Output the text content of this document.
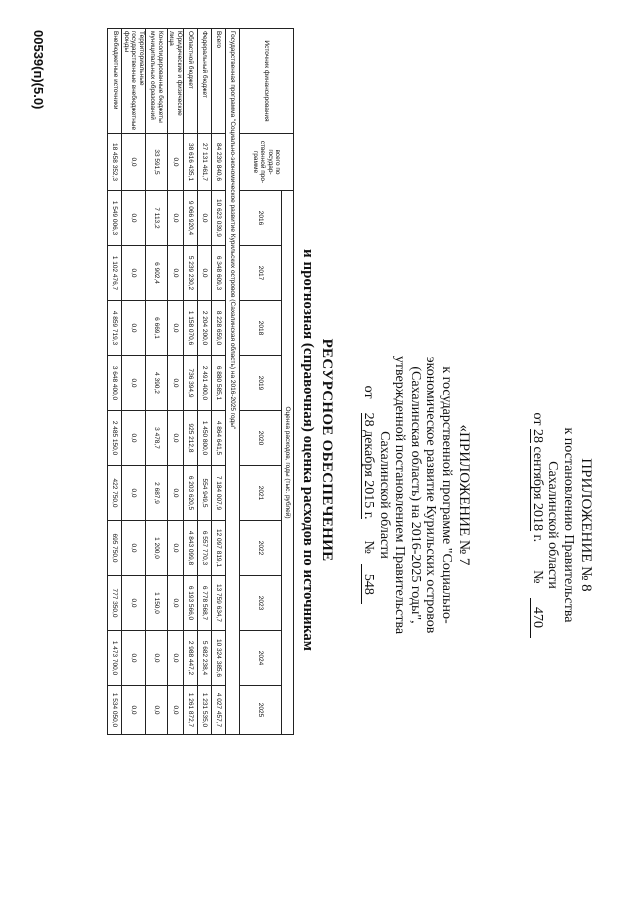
ПРИЛОЖЕНИЕ № 8
к постановлению Правительства
Сахалинской области
от 28 сентября 2018 г.        №    470
«ПРИЛОЖЕНИЕ № 7
к государственной программе "Социально-
экономическое развитие Курильских островов
(Сахалинская область) на 2016-2025 годы",
утвержденной постановлением Правительства
Сахалинской области
от    28 декабря 2015 г.      №   548
РЕСУРСНОЕ ОБЕСПЕЧЕНИЕ
и прогнозная (справочная) оценка расходов по источникам
Источник финансирования	всего по государ-ственной про-грамме	Оценка расходов, годы (тыс. рублей)									
		2016	2017	2018	2019	2020	2021	2022	2023	2024	2025
Государственная программа "Социально-экономическое развитие Курильских островов (Сахалинская область) на 2016-2025 годы"											
Всего	84 239 840,6	10 623 039,9	6 348 609,3	8 228 659,0	6 880 585,1	4 864 641,5	7 184 007,9	12 097 819,1	13 759 634,7	10 324 385,6	4 027 457,7
Федеральный бюджет	27 131 461,7	0,0	0,0	2 204 200,0	2 491 400,0	1 450 800,0	554 949,5	6 557 770,3	6 778 568,7	5 682 238,4	1 231 535,0
Областной бюджет	38 616 435,1	9 066 920,4	5 239 230,2	1 158 070,6	736 394,9	925 212,8	6 203 620,5	4 843 099,8	6 193 566,0	2 988 447,2	1 261 872,7
Юридические и физические лица	0,0	0,0	0,0	0,0	0,0	0,0	0,0	0,0	0,0	0,0	0,0
Консолидированные бюджеты муниципальных образований	33 591,5	7 113,2	6 902,4	6 669,1	4 390,2	3 478,7	2 687,9	1 200,0	1 150,0	0,0	0,0
Территориальные государственные внебюджетные фонды	0,0	0,0	0,0	0,0	0,0	0,0	0,0	0,0	0,0	0,0	0,0
Внебюджетные источники	18 458 352,3	1 549 006,3	1 102 476,7	4 859 719,3	3 648 400,0	2 485 150,0	422 750,0	695 750,0	777 350,0	1 473 700,0	1 534 050,0
00539(п)(5.0)
